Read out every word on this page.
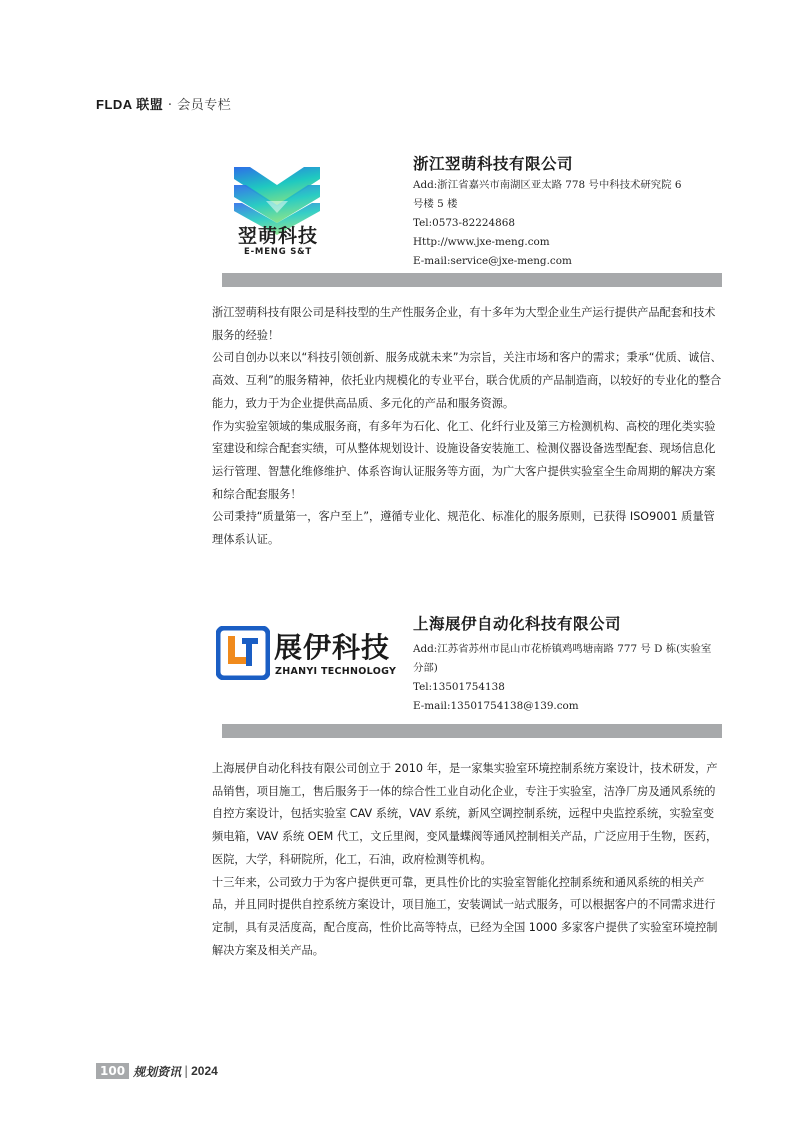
FLDA 联盟 · 会员专栏
翌萌科技
E-MENG S&T
浙江翌萌科技有限公司
Add:浙江省嘉兴市南湖区亚太路 778 号中科技术研究院 6
号楼 5 楼
Tel:0573-82224868
Http://www.jxe-meng.com
E-mail:service@jxe-meng.com

浙江翌萌科技有限公司是科技型的生产性服务企业，有十多年为大型企业生产运行提供产品配套和技术服务的经验！

公司自创办以来以“科技引领创新、服务成就未来”为宗旨，关注市场和客户的需求；秉承“优质、诚信、高效、互利”的服务精神，依托业内规模化的专业平台，联合优质的产品制造商，以较好的专业化的整合能力，致力于为企业提供高品质、多元化的产品和服务资源。

作为实验室领域的集成服务商，有多年为石化、化工、化纤行业及第三方检测机构、高校的理化类实验室建设和综合配套实绩，可从整体规划设计、设施设备安装施工、检测仪器设备选型配套、现场信息化运行管理、智慧化维修维护、体系咨询认证服务等方面，为广大客户提供实验室全生命周期的解决方案和综合配套服务！

公司秉持“质量第一，客户至上”，遵循专业化、规范化、标准化的服务原则，已获得 ISO9001 质量管理体系认证。

展伊科技
ZHANYI TECHNOLOGY
上海展伊自动化科技有限公司
Add:江苏省苏州市昆山市花桥镇鸡鸣塘南路 777 号 D 栋(实验室
分部)
Tel:13501754138
E-mail:13501754138@139.com

上海展伊自动化科技有限公司创立于 2010 年，是一家集实验室环境控制系统方案设计，技术研发，产品销售，项目施工，售后服务于一体的综合性工业自动化企业，专注于实验室，洁净厂房及通风系统的自控方案设计，包括实验室 CAV 系统，VAV 系统，新风空调控制系统，远程中央监控系统，实验室变频电箱，VAV 系统 OEM 代工，文丘里阀，变风量蝶阀等通风控制相关产品，广泛应用于生物，医药，医院，大学，科研院所，化工，石油，政府检测等机构。

十三年来，公司致力于为客户提供更可靠，更具性价比的实验室智能化控制系统和通风系统的相关产品，并且同时提供自控系统方案设计，项目施工，安装调试一站式服务，可以根据客户的不同需求进行定制，具有灵活度高，配合度高，性价比高等特点，已经为全国 1000 多家客户提供了实验室环境控制解决方案及相关产品。

100 规划资讯 | 2024
